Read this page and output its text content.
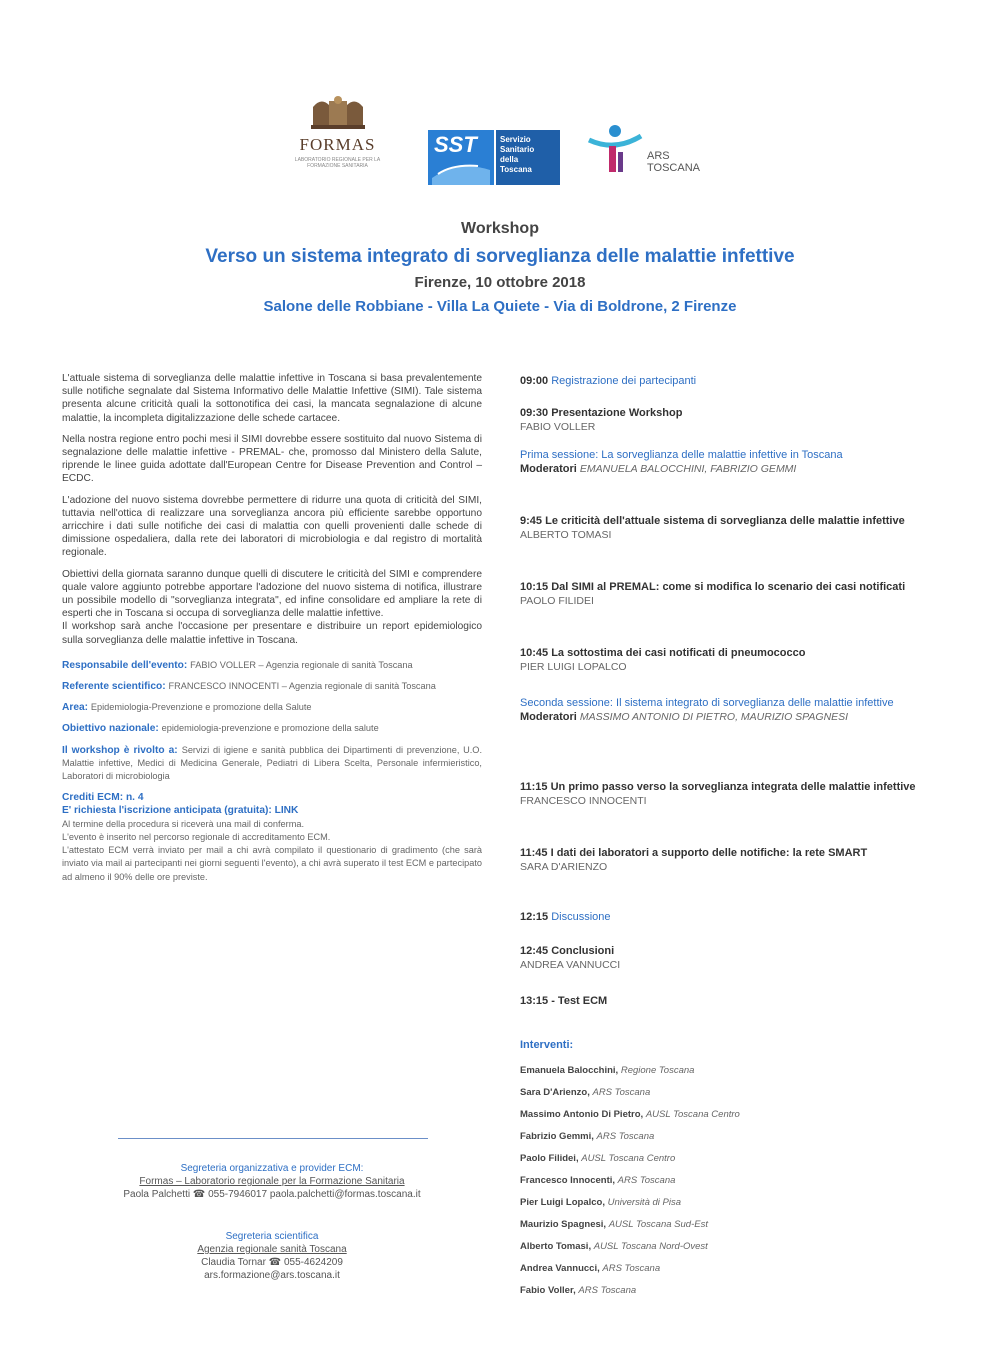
FORMAS
LABORATORIO REGIONALE PER LA FORMAZIONE SANITARIA
SST	Servizio
Sanitario
della
Toscana
ARS TOSCANA
Workshop
Verso un sistema integrato di sorveglianza delle malattie infettive
Firenze, 10 ottobre 2018
Salone delle Robbiane - Villa La Quiete - Via di Boldrone, 2 Firenze

L'attuale sistema di sorveglianza delle malattie infettive in Toscana si basa prevalentemente sulle notifiche segnalate dal Sistema Informativo delle Malattie Infettive (SIMI). Tale sistema presenta alcune criticità quali la sottonotifica dei casi, la mancata segnalazione di alcune malattie, la incompleta digitalizzazione delle schede cartacee.

Nella nostra regione entro pochi mesi il SIMI dovrebbe essere sostituito dal nuovo Sistema di segnalazione delle malattie infettive - PREMAL- che, promosso dal Ministero della Salute, riprende le linee guida adottate dall'European Centre for Disease Prevention and Control –ECDC.

L'adozione del nuovo sistema dovrebbe permettere di ridurre una quota di criticità del SIMI, tuttavia nell'ottica di realizzare una sorveglianza ancora più efficiente sarebbe opportuno arricchire i dati sulle notifiche dei casi di malattia con quelli provenienti dalle schede di dimissione ospedaliera, dalla rete dei laboratori di microbiologia e dal registro di mortalità regionale.

Obiettivi della giornata saranno dunque quelli di discutere le criticità del SIMI e comprendere quale valore aggiunto potrebbe apportare l'adozione del nuovo sistema di notifica, illustrare un possibile modello di "sorveglianza integrata", ed infine consolidare ed ampliare la rete di esperti che in Toscana si occupa di sorveglianza delle malattie infettive.

Il workshop sarà anche l'occasione per presentare e distribuire un report epidemiologico sulla sorveglianza delle malattie infettive in Toscana.

Responsabile dell'evento: FABIO VOLLER – Agenzia regionale di sanità Toscana

Referente scientifico: FRANCESCO INNOCENTI – Agenzia regionale di sanità Toscana

Area: Epidemiologia-Prevenzione e promozione della Salute

Obiettivo nazionale: epidemiologia-prevenzione e promozione della salute

Il workshop è rivolto a: Servizi di igiene e sanità pubblica dei Dipartimenti di prevenzione, U.O. Malattie infettive, Medici di Medicina Generale, Pediatri di Libera Scelta, Personale infermieristico, Laboratori di microbiologia

Crediti ECM: n. 4
E' richiesta l'iscrizione anticipata (gratuita): LINK
Al termine della procedura si riceverà una mail di conferma.

L'evento è inserito nel percorso regionale di accreditamento ECM.

L'attestato ECM verrà inviato per mail a chi avrà compilato il questionario di gradimento (che sarà inviato via mail ai partecipanti nei giorni seguenti l'evento), a chi avrà superato il test ECM e partecipato ad almeno il 90% delle ore previste.

Segreteria organizzativa e provider ECM:
Formas – Laboratorio regionale per la Formazione Sanitaria
Paola Palchetti ☎ 055-7946017 paola.palchetti@formas.toscana.it
Segreteria scientifica
Agenzia regionale sanità Toscana
Claudia Tornar ☎ 055-4624209
ars.formazione@ars.toscana.it
09:00 Registrazione dei partecipanti
09:30 Presentazione Workshop
FABIO VOLLER
Prima sessione: La sorveglianza delle malattie infettive in Toscana
Moderatori EMANUELA BALOCCHINI, FABRIZIO GEMMI
9:45 Le criticità dell'attuale sistema di sorveglianza delle malattie infettive
ALBERTO TOMASI
10:15 Dal SIMI al PREMAL: come si modifica lo scenario dei casi notificati
PAOLO FILIDEI
10:45 La sottostima dei casi notificati di pneumococco
PIER LUIGI LOPALCO
Seconda sessione: Il sistema integrato di sorveglianza delle malattie infettive
Moderatori MASSIMO ANTONIO DI PIETRO, MAURIZIO SPAGNESI
11:15 Un primo passo verso la sorveglianza integrata delle malattie infettive
FRANCESCO INNOCENTI
11:45 I dati dei laboratori a supporto delle notifiche: la rete SMART
SARA D'ARIENZO
12:15 Discussione
12:45 Conclusioni
ANDREA VANNUCCI
13:15 - Test ECM
Interventi:
Emanuela Balocchini, Regione Toscana
Sara D'Arienzo, ARS Toscana
Massimo Antonio Di Pietro, AUSL Toscana Centro
Fabrizio Gemmi, ARS Toscana
Paolo Filidei, AUSL Toscana Centro
Francesco Innocenti, ARS Toscana
Pier Luigi Lopalco, Università di Pisa
Maurizio Spagnesi, AUSL Toscana Sud-Est
Alberto Tomasi, AUSL Toscana Nord-Ovest
Andrea Vannucci, ARS Toscana
Fabio Voller, ARS Toscana
